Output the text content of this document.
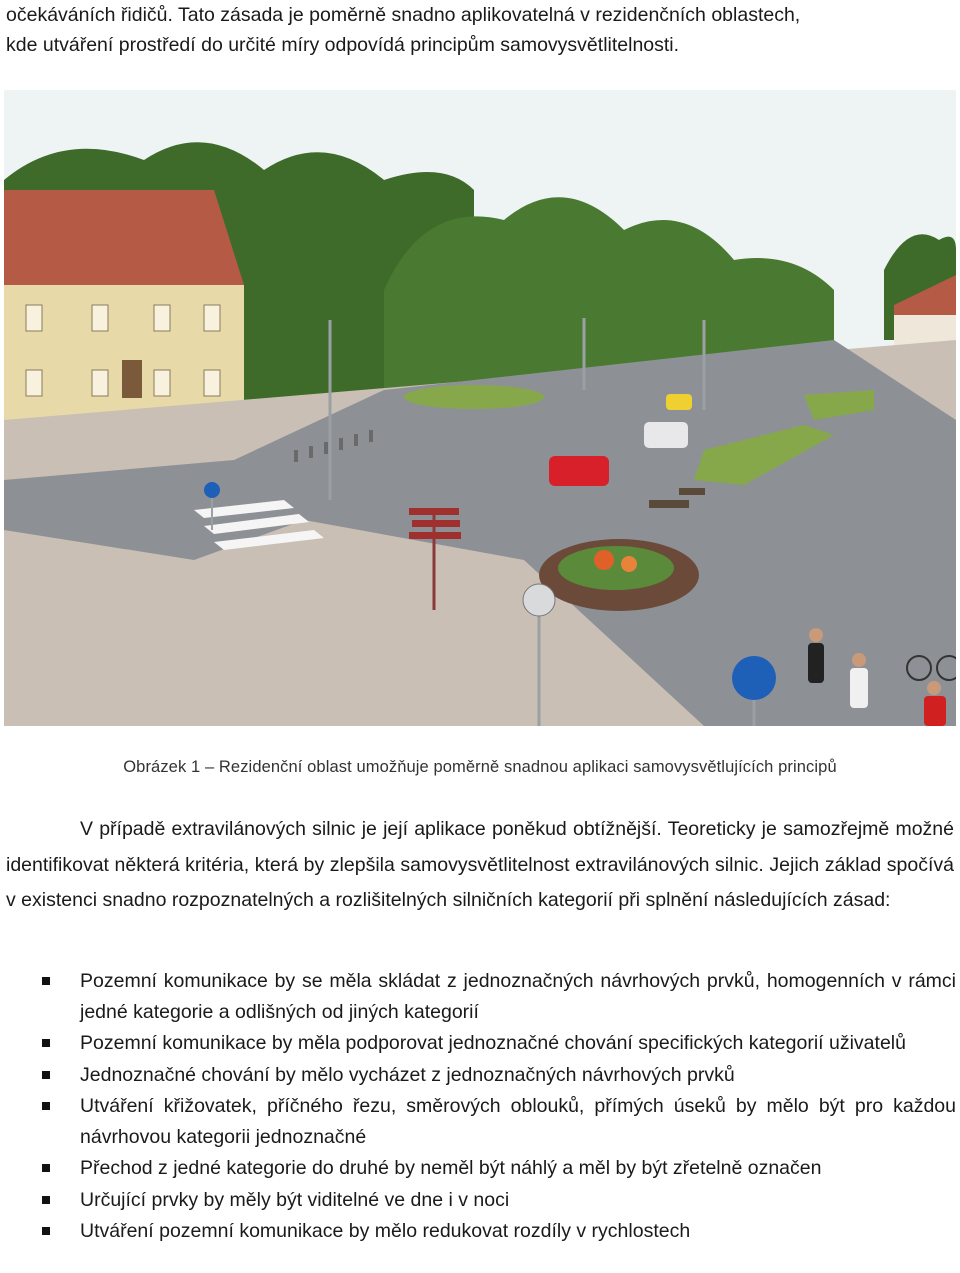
očekáváních řidičů. Tato zásada je poměrně snadno aplikovatelná v rezidenčních oblastech,

kde utváření prostředí do určité míry odpovídá principům samovysvětlitelnosti.

Obrázek 1 – Rezidenční oblast umožňuje poměrně snadnou aplikaci samovysvětlujících principů

V případě extravilánových silnic je její aplikace poněkud obtížnější. Teoreticky je samozřejmě možné identifikovat některá kritéria, která by zlepšila samovysvětlitelnost extravilánových silnic. Jejich základ spočívá v existenci snadno rozpoznatelných a rozlišitelných silničních kategorií při splnění následujících zásad:

Pozemní komunikace by se měla skládat z jednoznačných návrhových prvků, homogenních v rámci jedné kategorie a odlišných od jiných kategorií
Pozemní komunikace by měla podporovat jednoznačné chování specifických kategorií uživatelů
Jednoznačné chování by mělo vycházet z jednoznačných návrhových prvků
Utváření křižovatek, příčného řezu, směrových oblouků, přímých úseků by mělo být pro každou návrhovou kategorii jednoznačné
Přechod z jedné kategorie do druhé by neměl být náhlý a měl by být zřetelně označen
Určující prvky by měly být viditelné ve dne i v noci
Utváření pozemní komunikace by mělo redukovat rozdíly v rychlostech
